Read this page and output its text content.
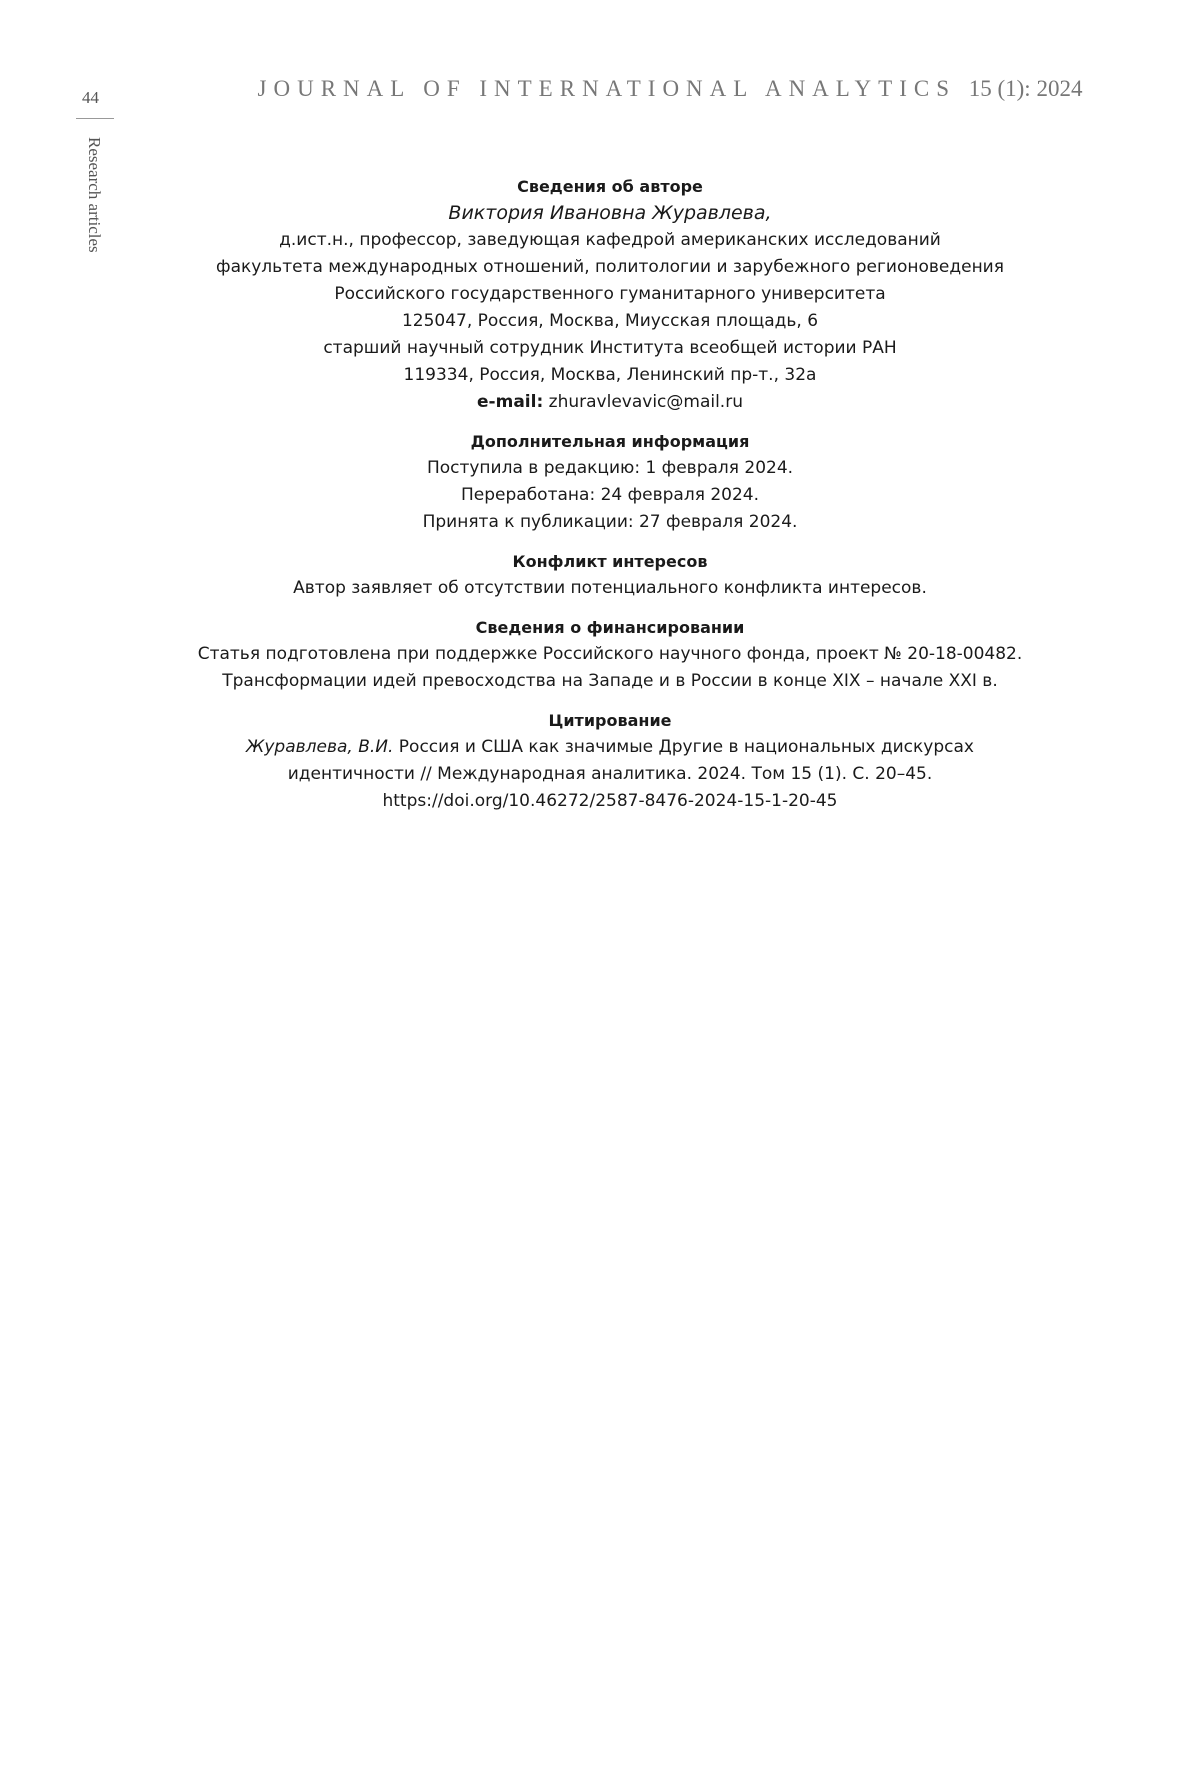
44
Research articles
JOURNAL OF INTERNATIONAL ANALYTICS 15 (1): 2024
Сведения об авторе
Виктория Ивановна Журавлева,
д.ист.н., профессор, заведующая кафедрой американских исследований
факультета международных отношений, политологии и зарубежного регионоведения
Российского государственного гуманитарного университета
125047, Россия, Москва, Миусская площадь, 6
старший научный сотрудник Института всеобщей истории РАН
119334, Россия, Москва, Ленинский пр-т., 32а
e-mail: zhuravlevavic@mail.ru
Дополнительная информация
Поступила в редакцию: 1 февраля 2024.
Переработана: 24 февраля 2024.
Принята к публикации: 27 февраля 2024.
Конфликт интересов
Автор заявляет об отсутствии потенциального конфликта интересов.
Сведения о финансировании
Статья подготовлена при поддержке Российского научного фонда, проект № 20-18-00482.
Трансформации идей превосходства на Западе и в России в конце XIX – начале XXI в.
Цитирование
Журавлева, В.И. Россия и США как значимые Другие в национальных дискурсах
идентичности // Международная аналитика. 2024. Том 15 (1). С. 20–45.
https://doi.org/10.46272/2587-8476-2024-15-1-20-45
